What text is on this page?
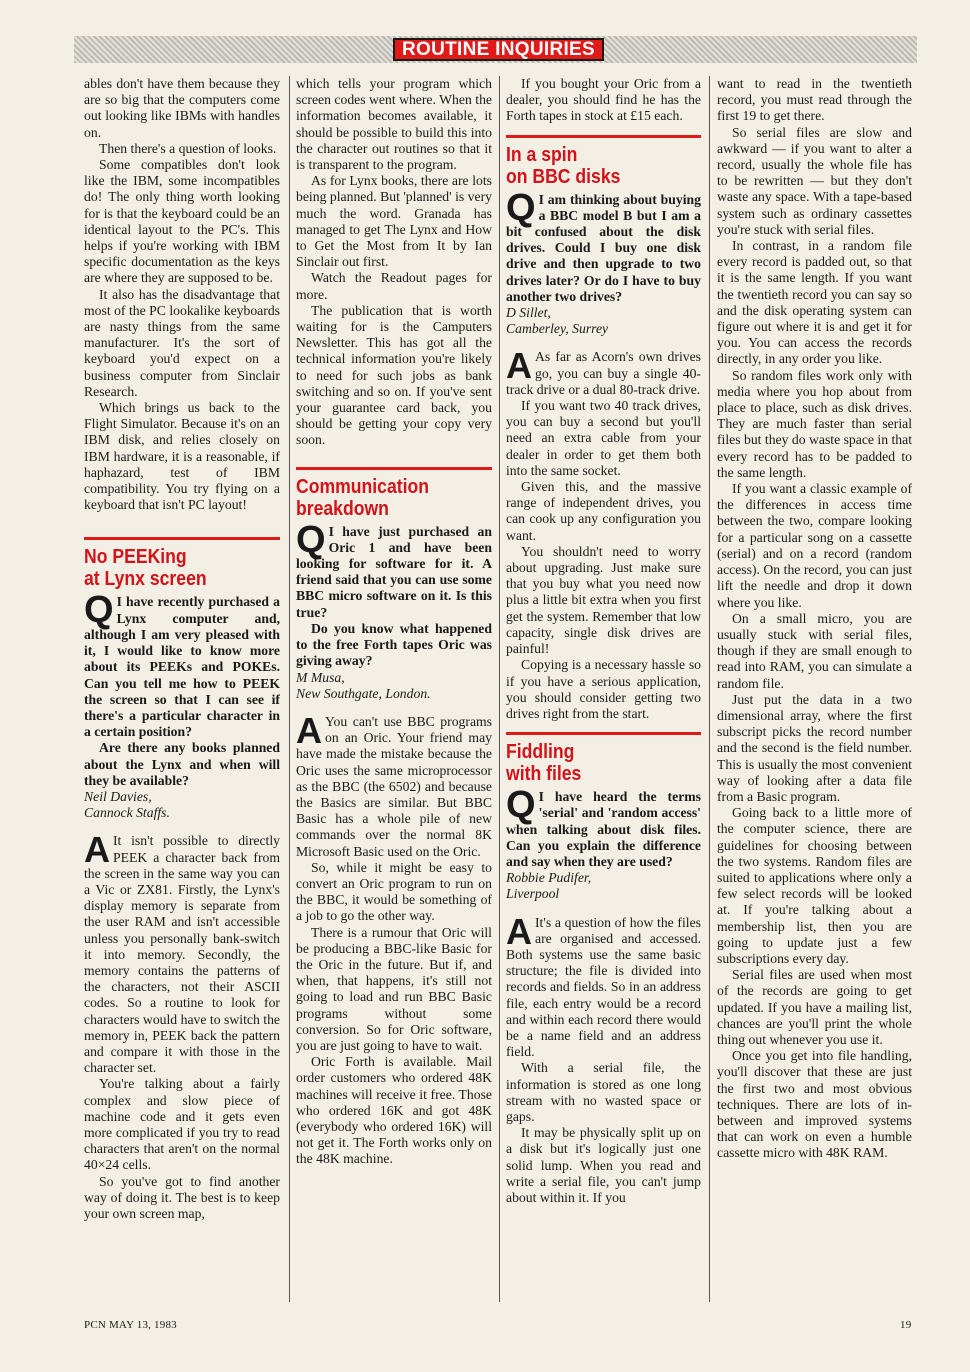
ROUTINE INQUIRIES

ables don't have them because they are so big that the computers come out looking like IBMs with handles on.

Then there's a question of looks.

Some compatibles don't look like the IBM, some incompatibles do! The only thing worth looking for is that the keyboard could be an identical layout to the PC's. This helps if you're working with IBM specific documentation as the keys are where they are supposed to be.

It also has the disadvantage that most of the PC lookalike keyboards are nasty things from the same manufacturer. It's the sort of keyboard you'd expect on a business computer from Sinclair Research.

Which brings us back to the Flight Simulator. Because it's on an IBM disk, and relies closely on IBM hardware, it is a reasonable, if haphazard, test of IBM compatibility. You try flying on a keyboard that isn't PC layout!

No PEEKing
at Lynx screen
Q I have recently purchased a Lynx computer and, although I am very pleased with it, I would like to know more about its PEEKs and POKEs. Can you tell me how to PEEK the screen so that I can see if there's a particular character in a certain position?

Are there any books planned about the Lynx and when will they be available?

Neil Davies,
Cannock Staffs.

A It isn't possible to directly PEEK a character back from the screen in the same way you can a Vic or ZX81. Firstly, the Lynx's display memory is separate from the user RAM and isn't accessible unless you personally bank-switch it into memory. Secondly, the memory contains the patterns of the characters, not their ASCII codes. So a routine to look for characters would have to switch the memory in, PEEK back the pattern and compare it with those in the character set.

You're talking about a fairly complex and slow piece of machine code and it gets even more complicated if you try to read characters that aren't on the normal 40×24 cells.

So you've got to find another way of doing it. The best is to keep your own screen map,

which tells your program which screen codes went where. When the information becomes available, it should be possible to build this into the character out routines so that it is transparent to the program.

As for Lynx books, there are lots being planned. But 'planned' is very much the word. Granada has managed to get The Lynx and How to Get the Most from It by Ian Sinclair out first.

Watch the Readout pages for more.

The publication that is worth waiting for is the Camputers Newsletter. This has got all the technical information you're likely to need for such jobs as bank switching and so on. If you've sent your guarantee card back, you should be getting your copy very soon.

Communication
breakdown
Q I have just purchased an Oric 1 and have been looking for software for it. A friend said that you can use some BBC micro software on it. Is this true?

Do you know what happened to the free Forth tapes Oric was giving away?

M Musa,
New Southgate, London.

A You can't use BBC programs on an Oric. Your friend may have made the mistake because the Oric uses the same microprocessor as the BBC (the 6502) and because the Basics are similar. But BBC Basic has a whole pile of new commands over the normal 8K Microsoft Basic used on the Oric.

So, while it might be easy to convert an Oric program to run on the BBC, it would be something of a job to go the other way.

There is a rumour that Oric will be producing a BBC-like Basic for the Oric in the future. But if, and when, that happens, it's still not going to load and run BBC Basic programs without some conversion. So for Oric software, you are just going to have to wait.

Oric Forth is available. Mail order customers who ordered 48K machines will receive it free. Those who ordered 16K and got 48K (everybody who ordered 16K) will not get it. The Forth works only on the 48K machine.

If you bought your Oric from a dealer, you should find he has the Forth tapes in stock at £15 each.

In a spin
on BBC disks
Q I am thinking about buying a BBC model B but I am a bit confused about the disk drives. Could I buy one disk drive and then upgrade to two drives later? Or do I have to buy another two drives?

D Sillet,
Camberley, Surrey

A As far as Acorn's own drives go, you can buy a single 40-track drive or a dual 80-track drive.

If you want two 40 track drives, you can buy a second but you'll need an extra cable from your dealer in order to get them both into the same socket.

Given this, and the massive range of independent drives, you can cook up any configuration you want.

You shouldn't need to worry about upgrading. Just make sure that you buy what you need now plus a little bit extra when you first get the system. Remember that low capacity, single disk drives are painful!

Copying is a necessary hassle so if you have a serious application, you should consider getting two drives right from the start.

Fiddling
with files
Q I have heard the terms 'serial' and 'random access' when talking about disk files. Can you explain the difference and say when they are used?

Robbie Pudifer,
Liverpool

A It's a question of how the files are organised and accessed. Both systems use the same basic structure; the file is divided into records and fields. So in an address file, each entry would be a record and within each record there would be a name field and an address field.

With a serial file, the information is stored as one long stream with no wasted space or gaps.

It may be physically split up on a disk but it's logically just one solid lump. When you read and write a serial file, you can't jump about within it. If you

want to read in the twentieth record, you must read through the first 19 to get there.

So serial files are slow and awkward — if you want to alter a record, usually the whole file has to be rewritten — but they don't waste any space. With a tape-based system such as ordinary cassettes you're stuck with serial files.

In contrast, in a random file every record is padded out, so that it is the same length. If you want the twentieth record you can say so and the disk operating system can figure out where it is and get it for you. You can access the records directly, in any order you like.

So random files work only with media where you hop about from place to place, such as disk drives. They are much faster than serial files but they do waste space in that every record has to be padded to the same length.

If you want a classic example of the differences in access time between the two, compare looking for a particular song on a cassette (serial) and on a record (random access). On the record, you can just lift the needle and drop it down where you like.

On a small micro, you are usually stuck with serial files, though if they are small enough to read into RAM, you can simulate a random file.

Just put the data in a two dimensional array, where the first subscript picks the record number and the second is the field number. This is usually the most convenient way of looking after a data file from a Basic program.

Going back to a little more of the computer science, there are guidelines for choosing between the two systems. Random files are suited to applications where only a few select records will be looked at. If you're talking about a membership list, then you are going to update just a few subscriptions every day.

Serial files are used when most of the records are going to get updated. If you have a mailing list, chances are you'll print the whole thing out whenever you use it.

Once you get into file handling, you'll discover that these are just the first two and most obvious techniques. There are lots of in-between and improved systems that can work on even a humble cassette micro with 48K RAM.

PCN MAY 13, 1983	19
